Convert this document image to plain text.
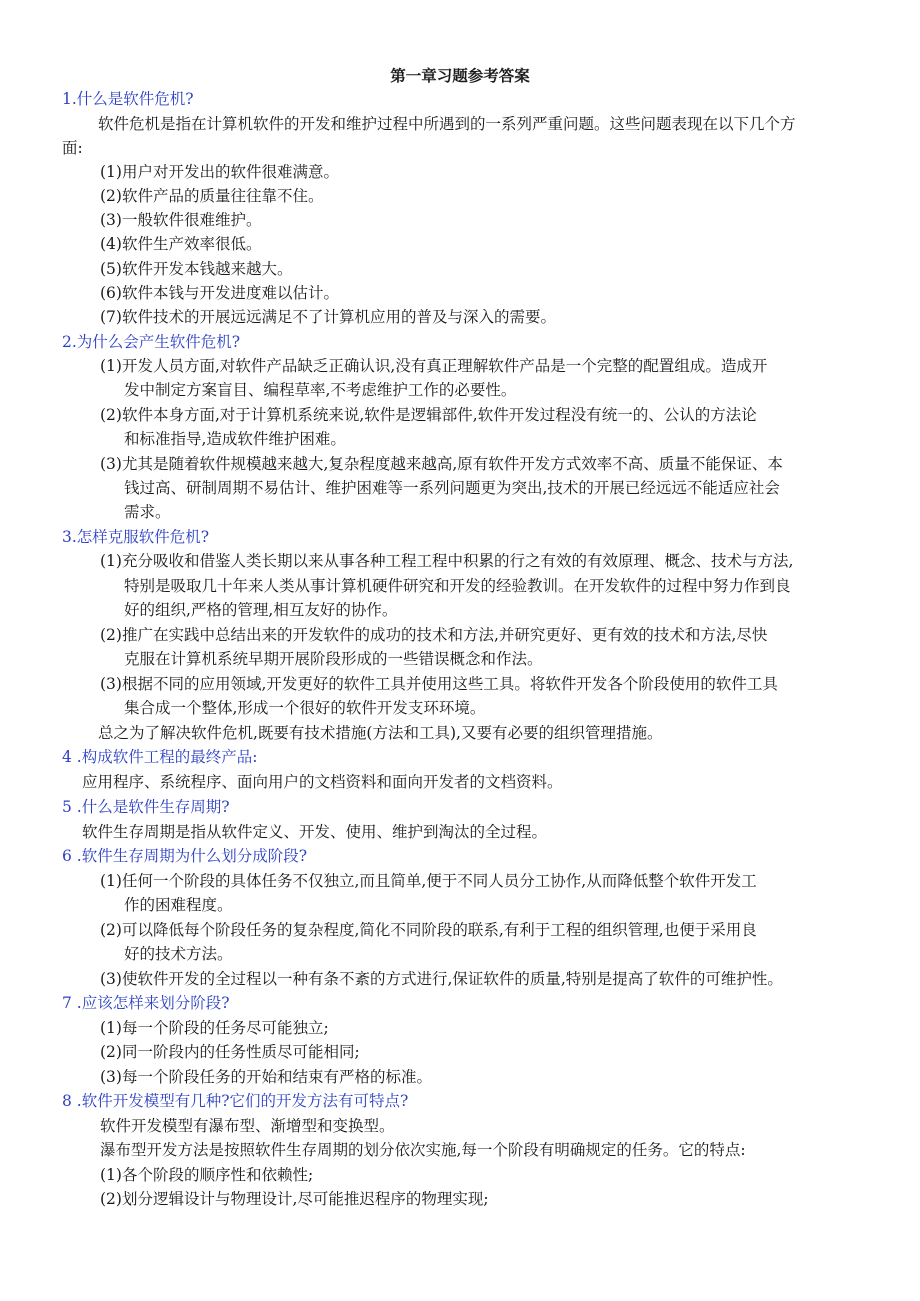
第一章习题参考答案
1.什么是软件危机?
软件危机是指在计算机软件的开发和维护过程中所遇到的一系列严重问题。这些问题表现在以下几个方
面:
(1)用户对开发出的软件很难满意。
(2)软件产品的质量往往靠不住。
(3)一般软件很难维护。
(4)软件生产效率很低。
(5)软件开发本钱越来越大。
(6)软件本钱与开发进度难以估计。
(7)软件技术的开展远远满足不了计算机应用的普及与深入的需要。
2.为什么会产生软件危机?
(1)开发人员方面,对软件产品缺乏正确认识,没有真正理解软件产品是一个完整的配置组成。造成开
发中制定方案盲目、编程草率,不考虑维护工作的必要性。
(2)软件本身方面,对于计算机系统来说,软件是逻辑部件,软件开发过程没有统一的、公认的方法论
和标准指导,造成软件维护困难。
(3)尤其是随着软件规模越来越大,复杂程度越来越高,原有软件开发方式效率不高、质量不能保证、本
钱过高、研制周期不易估计、维护困难等一系列问题更为突出,技术的开展已经远远不能适应社会
需求。
3.怎样克服软件危机?
(1)充分吸收和借鉴人类长期以来从事各种工程工程中积累的行之有效的有效原理、概念、技术与方法,
特别是吸取几十年来人类从事计算机硬件研究和开发的经验教训。在开发软件的过程中努力作到良
好的组织,严格的管理,相互友好的协作。
(2)推广在实践中总结出来的开发软件的成功的技术和方法,并研究更好、更有效的技术和方法,尽快
克服在计算机系统早期开展阶段形成的一些错误概念和作法。
(3)根据不同的应用领域,开发更好的软件工具并使用这些工具。将软件开发各个阶段使用的软件工具
集合成一个整体,形成一个很好的软件开发支环环境。
总之为了解决软件危机,既要有技术措施(方法和工具),又要有必要的组织管理措施。
4 .构成软件工程的最终产品:
应用程序、系统程序、面向用户的文档资料和面向开发者的文档资料。
5 .什么是软件生存周期?
软件生存周期是指从软件定义、开发、使用、维护到淘汰的全过程。
6 .软件生存周期为什么划分成阶段?
(1)任何一个阶段的具体任务不仅独立,而且简单,便于不同人员分工协作,从而降低整个软件开发工
作的困难程度。
(2)可以降低每个阶段任务的复杂程度,简化不同阶段的联系,有利于工程的组织管理,也便于采用良
好的技术方法。
(3)使软件开发的全过程以一种有条不紊的方式进行,保证软件的质量,特别是提高了软件的可维护性。
7 .应该怎样来划分阶段?
(1)每一个阶段的任务尽可能独立;
(2)同一阶段内的任务性质尽可能相同;
(3)每一个阶段任务的开始和结束有严格的标准。
8 .软件开发模型有几种?它们的开发方法有可特点?
软件开发模型有瀑布型、渐增型和变换型。
瀑布型开发方法是按照软件生存周期的划分依次实施,每一个阶段有明确规定的任务。它的特点:
(1)各个阶段的顺序性和依赖性;
(2)划分逻辑设计与物理设计,尽可能推迟程序的物理实现;
